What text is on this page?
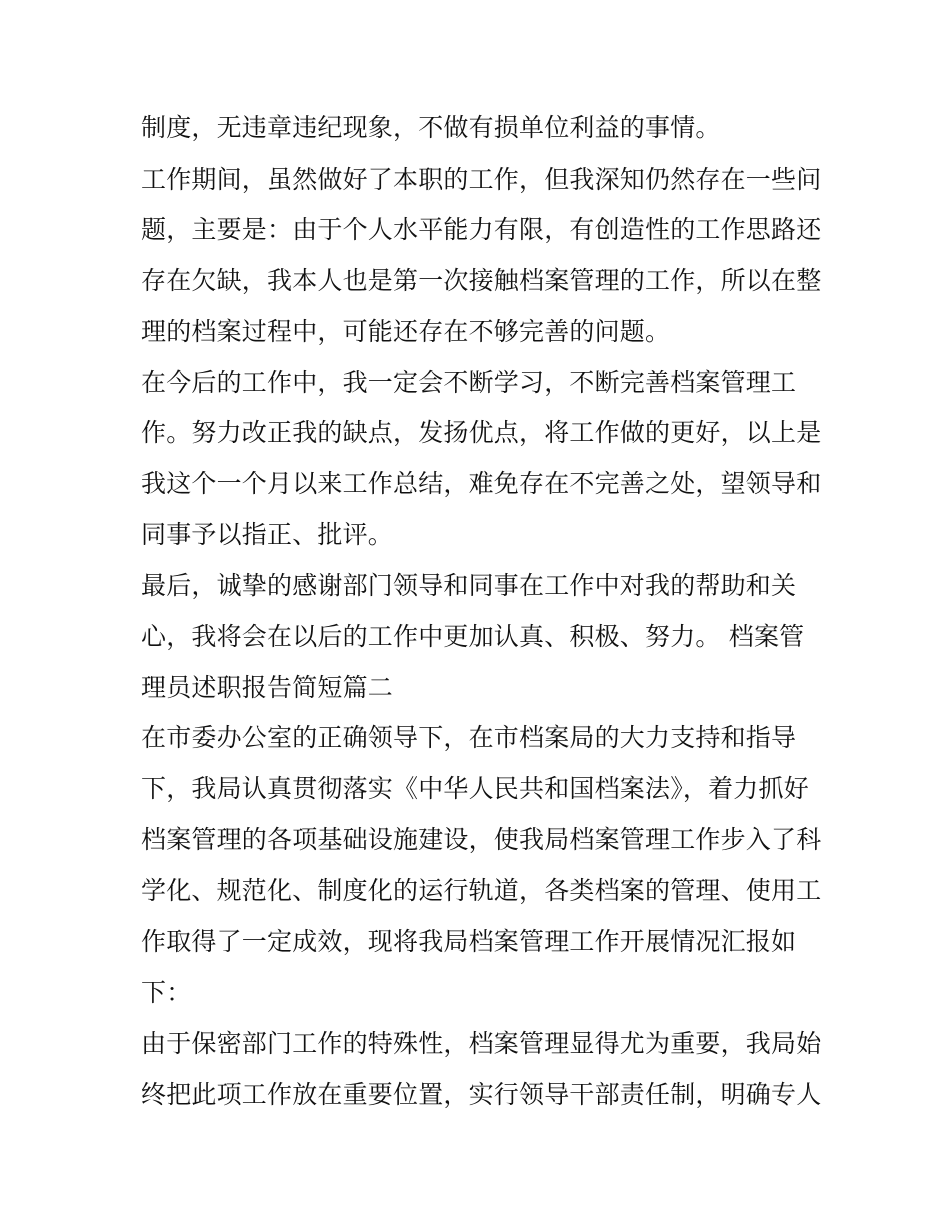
制度，无违章违纪现象，不做有损单位利益的事情。
工作期间，虽然做好了本职的工作，但我深知仍然存在一些问
题，主要是：由于个人水平能力有限，有创造性的工作思路还
存在欠缺，我本人也是第一次接触档案管理的工作，所以在整
理的档案过程中，可能还存在不够完善的问题。
在今后的工作中，我一定会不断学习，不断完善档案管理工
作。努力改正我的缺点，发扬优点，将工作做的更好，以上是
我这个一个月以来工作总结，难免存在不完善之处，望领导和
同事予以指正、批评。
最后，诚挚的感谢部门领导和同事在工作中对我的帮助和关
心，我将会在以后的工作中更加认真、积极、努力。 档案管
理员述职报告简短篇二
在市委办公室的正确领导下，在市档案局的大力支持和指导
下，我局认真贯彻落实《中华人民共和国档案法》，着力抓好
档案管理的各项基础设施建设，使我局档案管理工作步入了科
学化、规范化、制度化的运行轨道，各类档案的管理、使用工
作取得了一定成效，现将我局档案管理工作开展情况汇报如
下：
由于保密部门工作的特殊性，档案管理显得尤为重要，我局始
终把此项工作放在重要位置，实行领导干部责任制，明确专人
